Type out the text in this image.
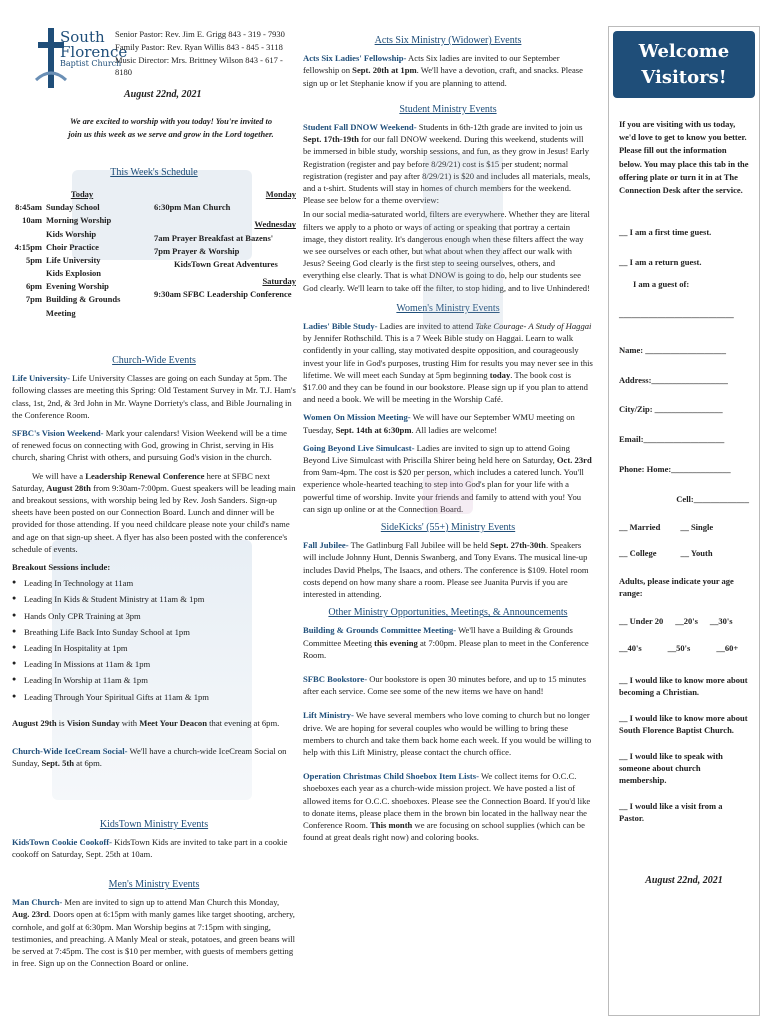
South
Florence
Baptist Church
Senior Pastor: Rev. Jim E. Grigg 843 - 319 - 7930
Family Pastor: Rev. Ryan Willis 843 - 845 - 3118
Music Director: Mrs. Brittney Wilson 843 - 617 - 8180
August 22nd, 2021
We are excited to worship with you today! You're invited to join us this week as we serve and grow in the Lord together.
This Week's Schedule
Today
8:45am Sunday School
10am Morning Worship
Kids Worship
4:15pm Choir Practice
5pm Life University
Kids Explosion
6pm Evening Worship
7pm Building & Grounds Meeting
Monday
6:30pm Man Church
Wednesday
7am Prayer Breakfast at Bazens'
7pm Prayer & Worship
KidsTown Great Adventures
Saturday
9:30am SFBC Leadership Conference
Church-Wide Events

Life University- Life University Classes are going on each Sunday at 5pm. The following classes are meeting this Spring: Old Testament Survey in Mr. T.J. Ham's class, 1st, 2nd, & 3rd John in Mr. Wayne Dorriety's class, and Bible Journaling in the Conference Room.

SFBC's Vision Weekend- Mark your calendars! Vision Weekend will be a time of renewed focus on connecting with God, growing in Christ, serving in His church, sharing Christ with others, and pursuing God's vision in the church.

We will have a Leadership Renewal Conference here at SFBC next Saturday, August 28th from 9:30am-7:00pm. Guest speakers will be leading main and breakout sessions, with worship being led by Rev. Josh Sanders. Sign-up sheets have been posted on our Connection Board. Lunch and dinner will be provided for those attending. If you need childcare please note your child's name and age on that sign-up sheet. A flyer has also been posted with the conference's schedule of events.

Breakout Sessions include:
● Leading In Technology at 11am
● Leading In Kids & Student Ministry at 11am & 1pm
● Hands Only CPR Training at 3pm
● Breathing Life Back Into Sunday School at 1pm
● Leading In Hospitality at 1pm
● Leading In Missions at 11am & 1pm
● Leading In Worship at 11am & 1pm
● Leading Through Your Spiritual Gifts at 11am & 1pm

August 29th is Vision Sunday with Meet Your Deacon that evening at 6pm.

Church-Wide IceCream Social- We'll have a church-wide IceCream Social on Sunday, Sept. 5th at 6pm.

KidsTown Ministry Events

KidsTown Cookie Cookoff- KidsTown Kids are invited to take part in a cookie cookoff on Saturday, Sept. 25th at 10am.

Men's Ministry Events

Man Church- Men are invited to sign up to attend Man Church this Monday, Aug. 23rd. Doors open at 6:15pm with manly games like target shooting, archery, cornhole, and golf at 6:30pm. Man Worship begins at 7:15pm with singing, testimonies, and preaching. A Manly Meal or steak, potatoes, and green beans will be served at 7:45pm. The cost is $10 per member, with guests of members getting in free. Sign up on the Connection Board or online.

Acts Six Ministry (Widower) Events

Acts Six Ladies' Fellowship- Acts Six ladies are invited to our September fellowship on Sept. 20th at 1pm. We'll have a devotion, craft, and snacks. Please sign up or let Stephanie know if you are planning to attend.

Student Ministry Events

Student Fall DNOW Weekend- Students in 6th-12th grade are invited to join us Sept. 17th-19th for our fall DNOW weekend. During this weekend, students will be immersed in bible study, worship sessions, and fun, as they grow in Jesus! Early Registration (register and pay before 8/29/21) cost is $15 per student; normal registration (register and pay after 8/29/21) is $20 and includes all materials, meals, and a t-shirt. Students will stay in homes of church members for the weekend. Please see below for a theme overview:

In our social media-saturated world, filters are everywhere. Whether they are literal filters we apply to a photo or ways of acting or speaking that portray a certain image, they distort reality. It's dangerous enough when these filters affect the way we see ourselves or each other, but what about when they affect our walk with Jesus? Seeing God clearly is the first step to seeing ourselves, others, and everything else clearly. That is what DNOW is going to do, help our students see God clearly. We'll learn to take off the filter, to stop hiding, and to live Unhindered!

Women's Ministry Events

Ladies' Bible Study- Ladies are invited to attend Take Courage- A Study of Haggai by Jennifer Rothschild. This is a 7 Week Bible study on Haggai. Learn to walk confidently in your calling, stay motivated despite opposition, and courageously invest your life in God's purposes, trusting Him for results you may never see in this lifetime. We will meet each Sunday at 5pm beginning today. The book cost is $17.00 and they can be found in our bookstore. Please sign up if you plan to attend and need a book. We will be meeting in the Worship Café.

Women On Mission Meeting- We will have our September WMU meeting on Tuesday, Sept. 14th at 6:30pm. All ladies are welcome!

Going Beyond Live Simulcast- Ladies are invited to sign up to attend Going Beyond Live Simulcast with Priscilla Shirer being held here on Saturday, Oct. 23rd from 9am-4pm. The cost is $20 per person, which includes a catered lunch. You'll experience whole-hearted teaching to step into God's plan for your life with a powerful time of worship. Invite your friends and family to attend with you! You can sign up online or at the Connection Board.

SideKicks' (55+) Ministry Events

Fall Jubilee- The Gatlinburg Fall Jubilee will be held Sept. 27th-30th. Speakers will include Johnny Hunt, Dennis Swanberg, and Tony Evans. The musical line-up includes David Phelps, The Isaacs, and others. The conference is $109. Hotel room costs depend on how many share a room. Please see Juanita Purvis if you are interested in attending.

Other Ministry Opportunities, Meetings, & Announcements

Building & Grounds Committee Meeting- We'll have a Building & Grounds Committee Meeting this evening at 7:00pm. Please plan to meet in the Conference Room.

SFBC Bookstore- Our bookstore is open 30 minutes before, and up to 15 minutes after each service. Come see some of the new items we have on hand!

Lift Ministry- We have several members who love coming to church but no longer drive. We are hoping for several couples who would be willing to bring these members to church and take them back home each week. If you would be willing to help with this Lift Ministry, please contact the church office.

Operation Christmas Child Shoebox Item Lists- We collect items for O.C.C. shoeboxes each year as a church-wide mission project. We have posted a list of allowed items for O.C.C. shoeboxes. Please see the Connection Board. If you'd like to donate items, please place them in the brown bin located in the hallway near the Conference Room. This month we are focusing on school supplies (which can be found at great deals right now) and coloring books.

Welcome Visitors!
If you are visiting with us today, we'd love to get to know you better. Please fill out the information below. You may place this tab in the offering plate or turn it in at The Connection Desk after the service.
__ I am a first time guest.
__ I am a return guest.
I am a guest of:
___________________________
Name: ___________________
Address:__________________
City/Zip: ________________
Email:___________________
Phone: Home:______________
Cell:_____________
__ Married __ Single
__ College	__ Youth
Adults, please indicate your age range:
__ Under 20 __20's __30's
__40's	__50's	__60+
__ I would like to know more about becoming a Christian.
__ I would like to know more about South Florence Baptist Church.
__ I would like to speak with someone about church membership.
__ I would like a visit from a Pastor.
August 22nd, 2021
